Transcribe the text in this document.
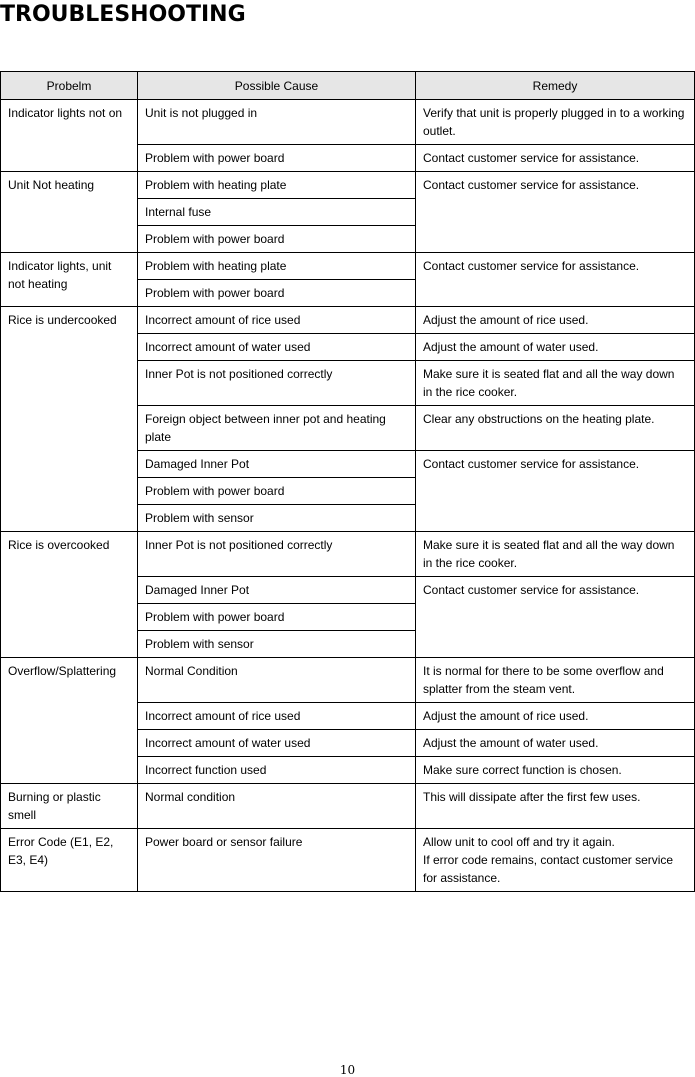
TROUBLESHOOTING
Probelm	Possible Cause	Remedy
Indicator lights not on	Unit is not plugged in	Verify that unit is properly plugged in to a working outlet.
	Problem with power board	Contact customer service for assistance.
Unit Not heating	Problem with heating plate	Contact customer service for assistance.
	Internal fuse	
	Problem with power board	
Indicator lights, unit not heating	Problem with heating plate	Contact customer service for assistance.
	Problem with power board	
Rice is undercooked	Incorrect amount of rice used	Adjust the amount of rice used.
	Incorrect amount of water used	Adjust the amount of water used.
	Inner Pot is not positioned correctly	Make sure it is seated flat and all the way down in the rice cooker.
	Foreign object between inner pot and heating plate	Clear any obstructions on the heating plate.
	Damaged Inner Pot	Contact customer service for assistance.
	Problem with power board	
	Problem with sensor	
Rice is overcooked	Inner Pot is not positioned correctly	Make sure it is seated flat and all the way down in the rice cooker.
	Damaged Inner Pot	Contact customer service for assistance.
	Problem with power board	
	Problem with sensor	
Overflow/Splattering	Normal Condition	It is normal for there to be some overflow and splatter from the steam vent.
	Incorrect amount of rice used	Adjust the amount of rice used.
	Incorrect amount of water used	Adjust the amount of water used.
	Incorrect function used	Make sure correct function is chosen.
Burning or plastic smell	Normal condition	This will dissipate after the first few uses.
Error Code (E1, E2, E3, E4)	Power board or sensor failure	Allow unit to cool off and try it again.
If error code remains, contact customer service for assistance.
10
